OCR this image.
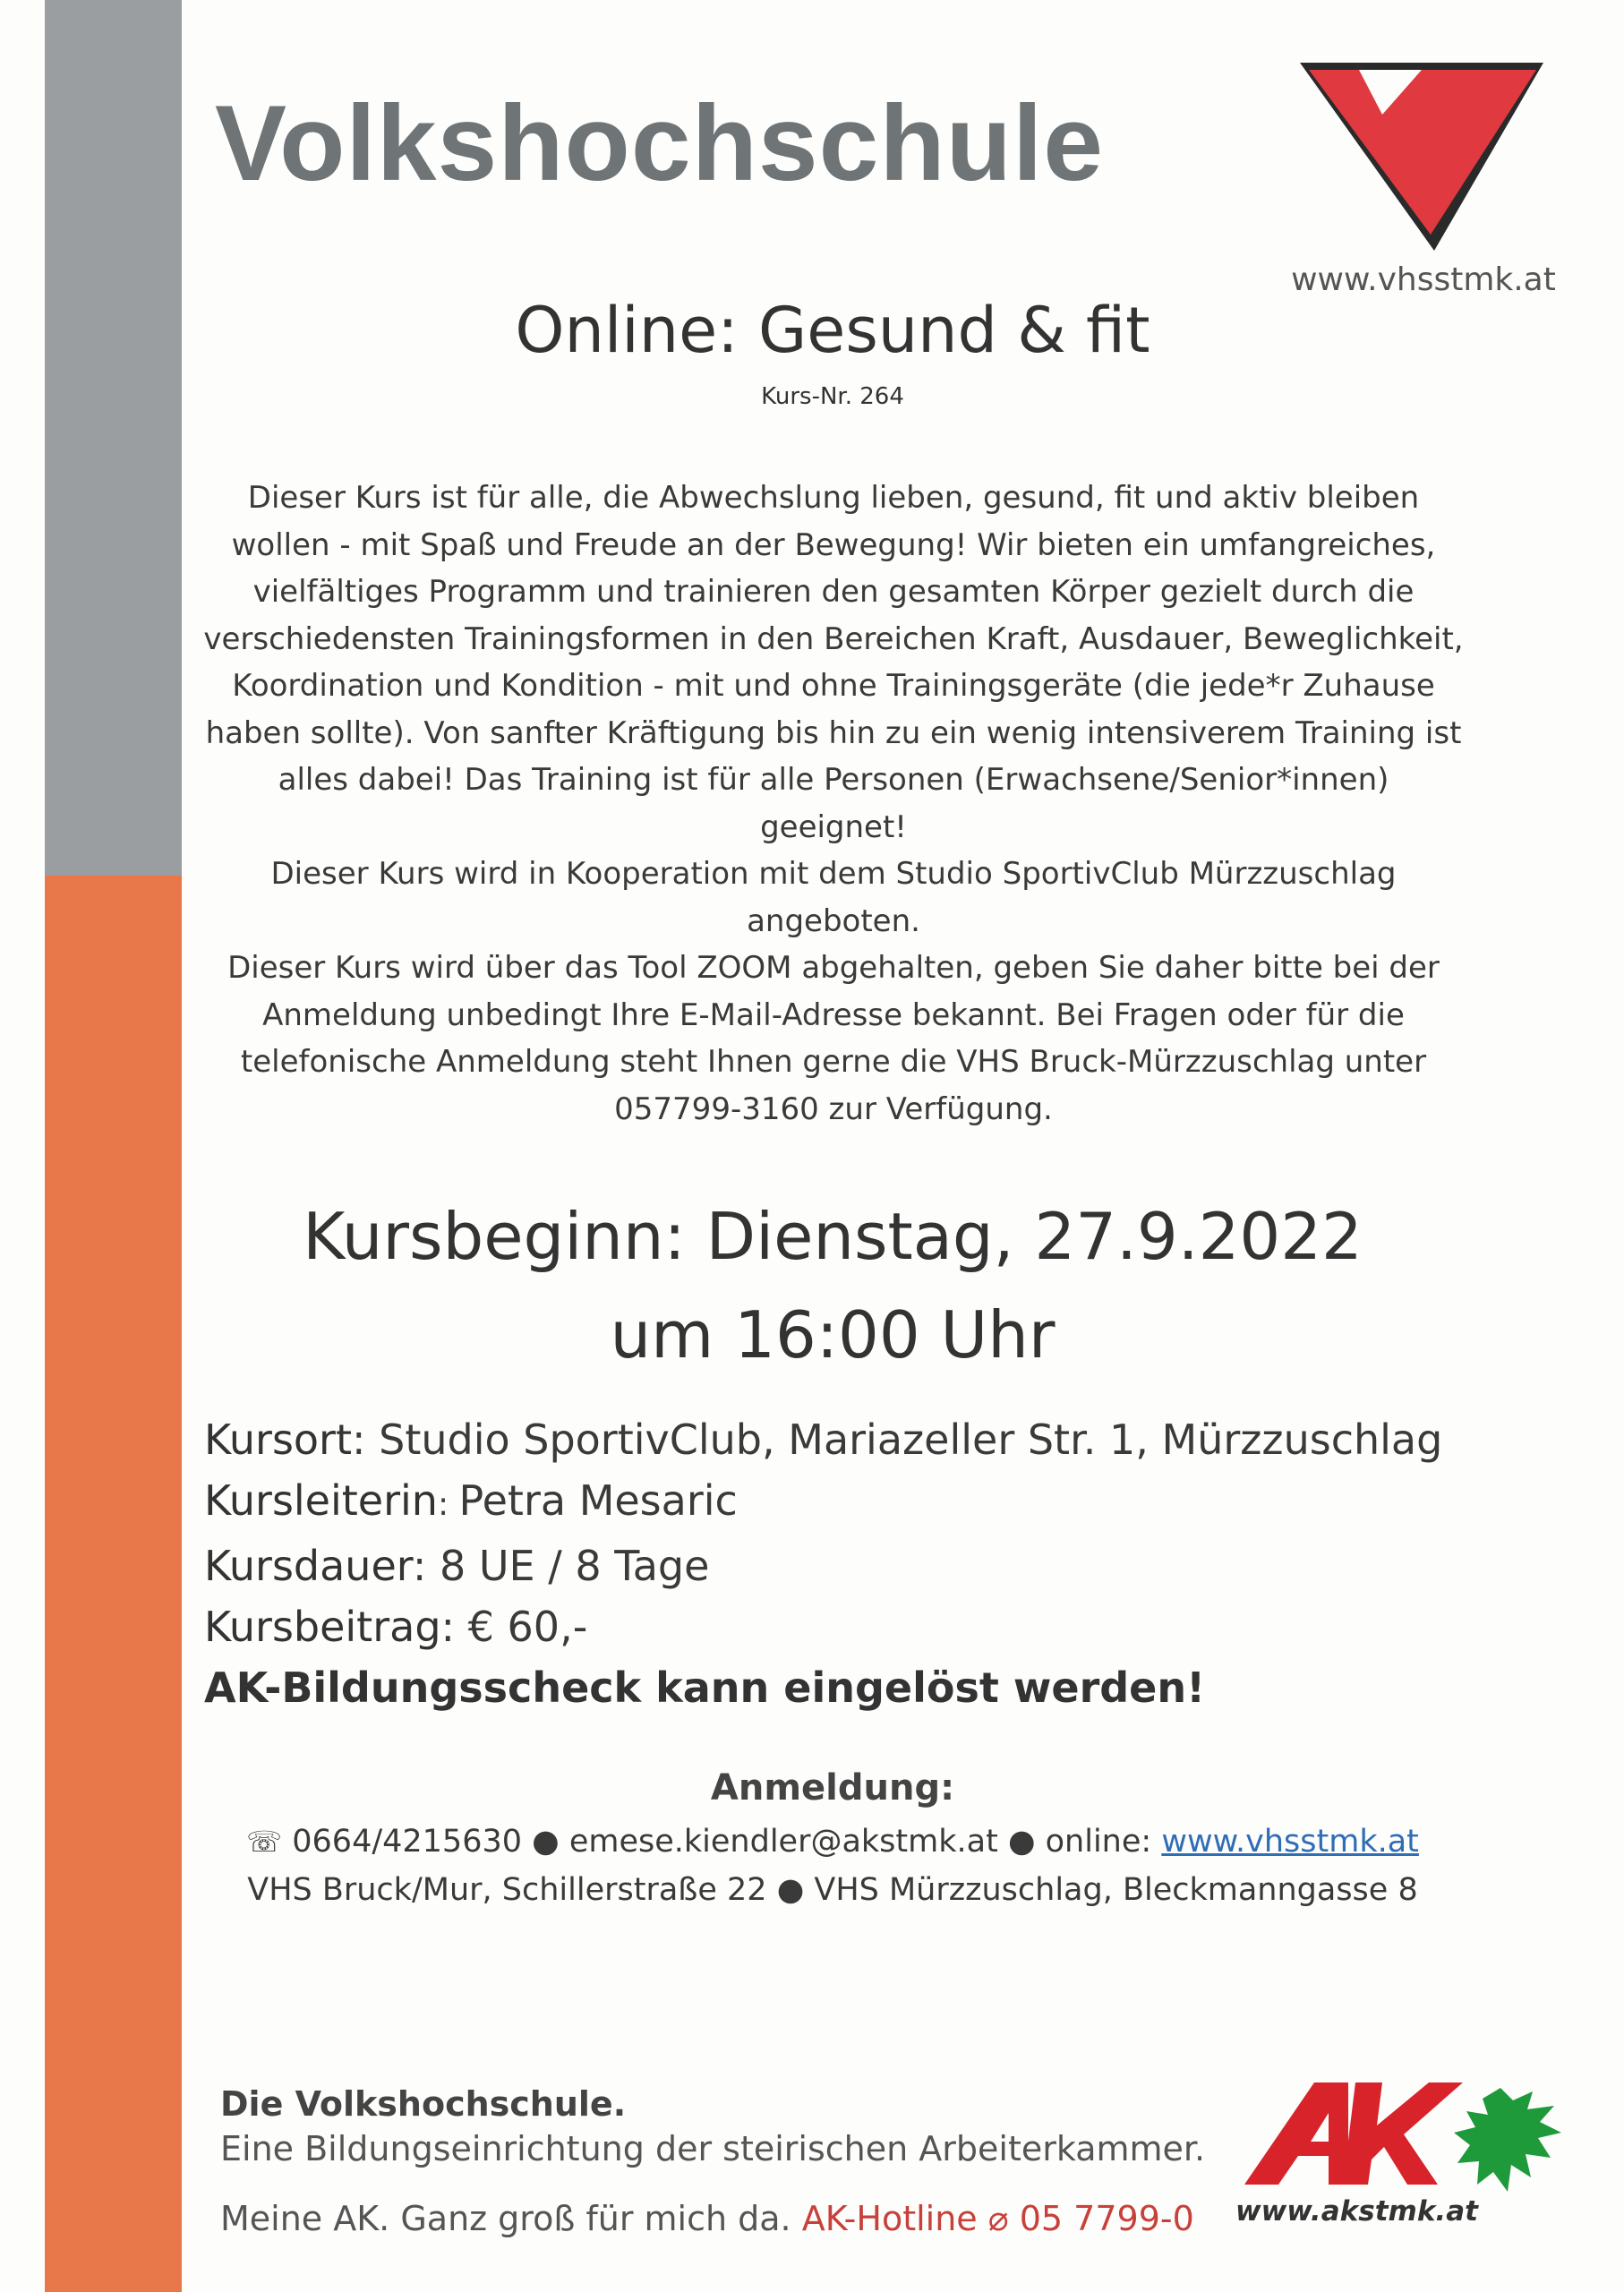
Volkshochschule
www.vhsstmk.at
Online: Gesund & fit
Kurs-Nr. 264

Dieser Kurs ist für alle, die Abwechslung lieben, gesund, fit und aktiv bleiben wollen - mit Spaß und Freude an der Bewegung! Wir bieten ein umfangreiches, vielfältiges Programm und trainieren den gesamten Körper gezielt durch die verschiedensten Trainingsformen in den Bereichen Kraft, Ausdauer, Beweglichkeit, Koordination und Kondition - mit und ohne Trainingsgeräte (die jede*r Zuhause haben sollte). Von sanfter Kräftigung bis hin zu ein wenig intensiverem Training ist alles dabei! Das Training ist für alle Personen (Erwachsene/Senior*innen) geeignet!

Dieser Kurs wird in Kooperation mit dem Studio SportivClub Mürzzuschlag angeboten.

Dieser Kurs wird über das Tool ZOOM abgehalten, geben Sie daher bitte bei der Anmeldung unbedingt Ihre E-Mail-Adresse bekannt. Bei Fragen oder für die telefonische Anmeldung steht Ihnen gerne die VHS Bruck-Mürzzuschlag unter 057799-3160 zur Verfügung.

Kursbeginn: Dienstag, 27.9.2022
um 16:00 Uhr
Kursort: Studio SportivClub, Mariazeller Str. 1, Mürzzuschlag
Kursleiterin: Petra Mesaric
Kursdauer: 8 UE / 8 Tage
Kursbeitrag: € 60,-
AK-Bildungsscheck kann eingelöst werden!
Anmeldung:
☏ 0664/4215630 ● emese.kiendler@akstmk.at ● online: www.vhsstmk.at
VHS Bruck/Mur, Schillerstraße 22 ● VHS Mürzzuschlag, Bleckmanngasse 8
Die Volkshochschule.
Eine Bildungseinrichtung der steirischen Arbeiterkammer.
Meine AK. Ganz groß für mich da. AK-Hotline ⌀ 05 7799-0 www.akstmk.at
